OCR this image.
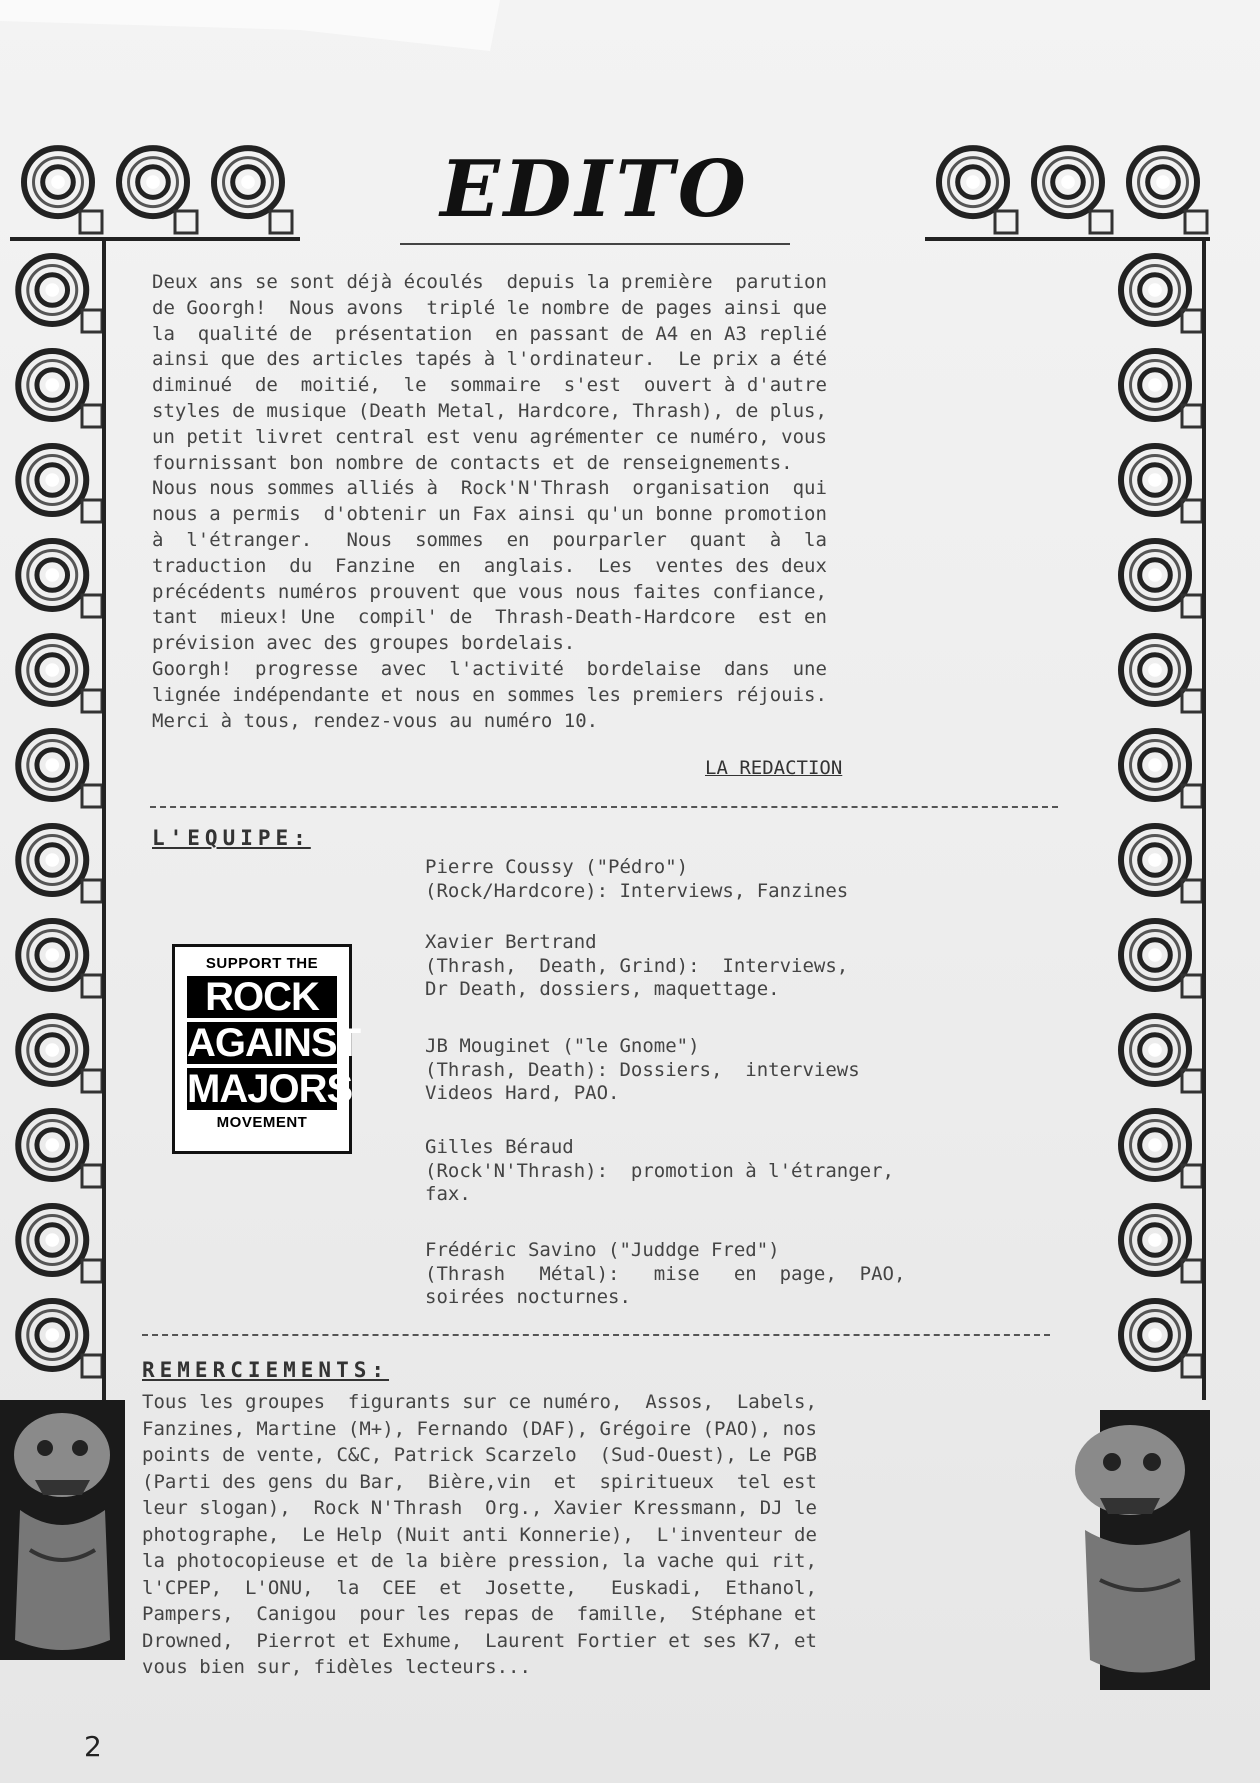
EDITO
Deux ans se sont déjà écoulés  depuis la première  parution
de Goorgh!  Nous avons  triplé le nombre de pages ainsi que
la  qualité de  présentation  en passant de A4 en A3 replié
ainsi que des articles tapés à l'ordinateur.  Le prix a été
diminué  de  moitié,  le  sommaire  s'est  ouvert à d'autre
styles de musique (Death Metal, Hardcore, Thrash), de plus,
un petit livret central est venu agrémenter ce numéro, vous
fournissant bon nombre de contacts et de renseignements.
Nous nous sommes alliés à  Rock'N'Thrash  organisation  qui
nous a permis  d'obtenir un Fax ainsi qu'un bonne promotion
à  l'étranger.   Nous  sommes  en  pourparler  quant  à  la
traduction  du  Fanzine  en  anglais.  Les  ventes des deux
précédents numéros prouvent que vous nous faites confiance,
tant  mieux! Une  compil' de  Thrash-Death-Hardcore  est en
prévision avec des groupes bordelais.
Goorgh!  progresse  avec  l'activité  bordelaise  dans  une
lignée indépendante et nous en sommes les premiers réjouis.
Merci à tous, rendez-vous au numéro 10.
LA REDACTION
L'EQUIPE:
Pierre Coussy ("Pédro")
(Rock/Hardcore): Interviews, Fanzines
Xavier Bertrand
(Thrash,  Death, Grind):  Interviews,
Dr Death, dossiers, maquettage.
JB Mouginet ("le Gnome")
(Thrash, Death): Dossiers,  interviews
Videos Hard, PAO.
Gilles Béraud
(Rock'N'Thrash):  promotion à l'étranger,
fax.
Frédéric Savino ("Juddge Fred")
(Thrash   Métal):   mise   en  page,  PAO,
soirées nocturnes.
SUPPORT THE
ROCK
AGAINST
MAJORS
MOVEMENT
REMERCIEMENTS:
Tous les groupes  figurants sur ce numéro,  Assos,  Labels,
Fanzines, Martine (M+), Fernando (DAF), Grégoire (PAO), nos
points de vente, C&C, Patrick Scarzelo  (Sud-Ouest), Le PGB
(Parti des gens du Bar,  Bière,vin  et  spiritueux  tel est
leur slogan),  Rock N'Thrash  Org., Xavier Kressmann, DJ le
photographe,  Le Help (Nuit anti Konnerie),  L'inventeur de
la photocopieuse et de la bière pression, la vache qui rit,
l'CPEP,  L'ONU,  la  CEE  et  Josette,   Euskadi,  Ethanol,
Pampers,  Canigou  pour les repas de  famille,  Stéphane et
Drowned,  Pierrot et Exhume,  Laurent Fortier et ses K7, et
vous bien sur, fidèles lecteurs...
2
